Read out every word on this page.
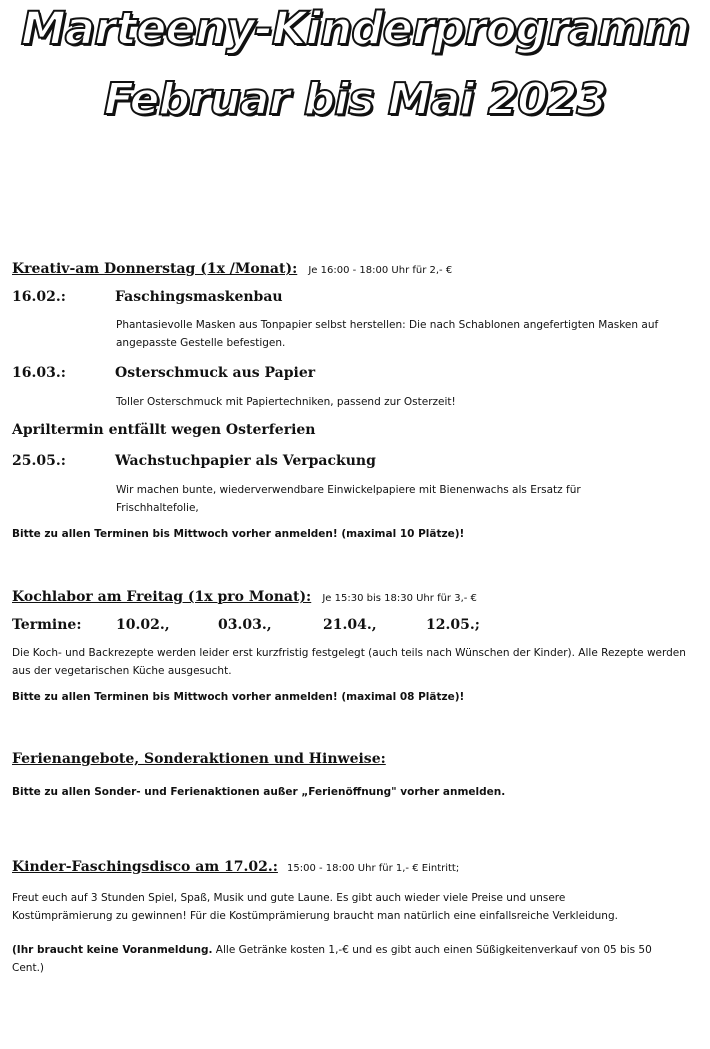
Marteeny-Kinderprogramm
Februar bis Mai 2023
Kreativ-am Donnerstag (1x /Monat): Je 16:00 - 18:00 Uhr für 2,- €
16.02.:	Faschingsmaskenbau
Phantasievolle Masken aus Tonpapier selbst herstellen: Die nach Schablonen angefertigten Masken auf angepasste Gestelle befestigen.
16.03.:	Osterschmuck aus Papier
Toller Osterschmuck mit Papiertechniken, passend zur Osterzeit!
Apriltermin entfällt wegen Osterferien
25.05.:	Wachstuchpapier als Verpackung
Wir machen bunte, wiederverwendbare Einwickelpapiere mit Bienenwachs als Ersatz für Frischhaltefolie,
Bitte zu allen Terminen bis Mittwoch vorher anmelden! (maximal 10 Plätze)!
Kochlabor am Freitag (1x pro Monat): Je 15:30 bis 18:30 Uhr für 3,- €
Termine: 10.02.,	03.03.,	21.04.,	12.05.;
Die Koch- und Backrezepte werden leider erst kurzfristig festgelegt (auch teils nach Wünschen der Kinder). Alle Rezepte werden aus der vegetarischen Küche ausgesucht.
Bitte zu allen Terminen bis Mittwoch vorher anmelden! (maximal 08 Plätze)!
Ferienangebote, Sonderaktionen und Hinweise:
Bitte zu allen Sonder- und Ferienaktionen außer „Ferienöffnung" vorher anmelden.
Kinder-Faschingsdisco am 17.02.: 15:00 - 18:00 Uhr für 1,- € Eintritt;
Freut euch auf 3 Stunden Spiel, Spaß, Musik und gute Laune. Es gibt auch wieder viele Preise und unsere Kostümprämierung zu gewinnen! Für die Kostümprämierung braucht man natürlich eine einfallsreiche Verkleidung.
(Ihr braucht keine Voranmeldung. Alle Getränke kosten 1,-€ und es gibt auch einen Süßigkeitenverkauf von 05 bis 50 Cent.)
